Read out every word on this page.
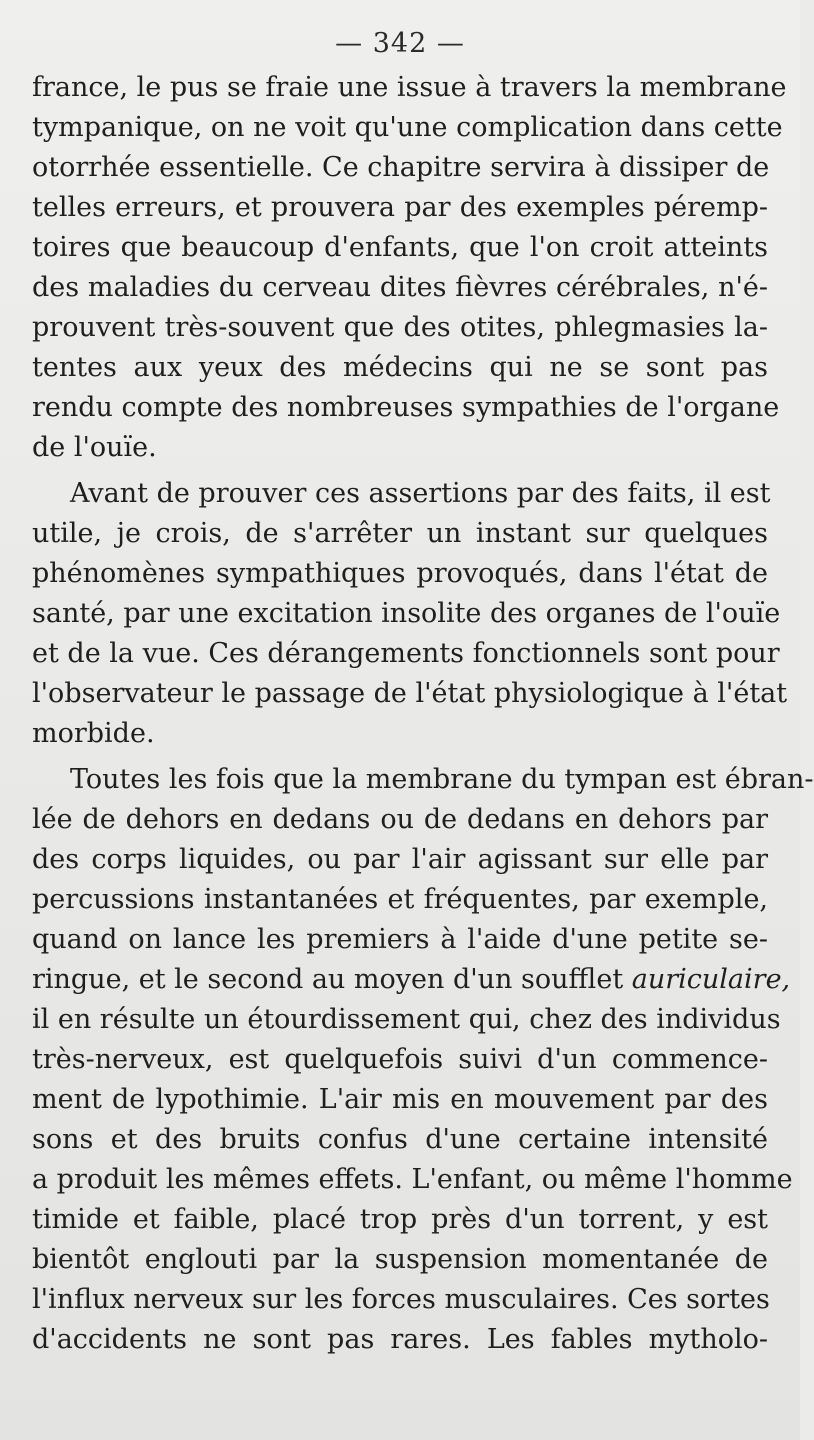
— 342 —
france, le pus se fraie une issue à travers la membrane
tympanique, on ne voit qu'une complication dans cette
otorrhée essentielle. Ce chapitre servira à dissiper de
telles erreurs, et prouvera par des exemples péremp-
toires que beaucoup d'enfants, que l'on croit atteints
des maladies du cerveau dites fièvres cérébrales, n'é-
prouvent très-souvent que des otites, phlegmasies la-
tentes aux yeux des médecins qui ne se sont pas
rendu compte des nombreuses sympathies de l'organe
de l'ouïe.
Avant de prouver ces assertions par des faits, il est
utile, je crois, de s'arrêter un instant sur quelques
phénomènes sympathiques provoqués, dans l'état de
santé, par une excitation insolite des organes de l'ouïe
et de la vue. Ces dérangements fonctionnels sont pour
l'observateur le passage de l'état physiologique à l'état
morbide.
Toutes les fois que la membrane du tympan est ébran-
lée de dehors en dedans ou de dedans en dehors par
des corps liquides, ou par l'air agissant sur elle par
percussions instantanées et fréquentes, par exemple,
quand on lance les premiers à l'aide d'une petite se-
ringue, et le second au moyen d'un soufflet auriculaire,
il en résulte un étourdissement qui, chez des individus
très-nerveux, est quelquefois suivi d'un commence-
ment de lypothimie. L'air mis en mouvement par des
sons et des bruits confus d'une certaine intensité
a produit les mêmes effets. L'enfant, ou même l'homme
timide et faible, placé trop près d'un torrent, y est
bientôt englouti par la suspension momentanée de
l'influx nerveux sur les forces musculaires. Ces sortes
d'accidents ne sont pas rares. Les fables mytholo-
